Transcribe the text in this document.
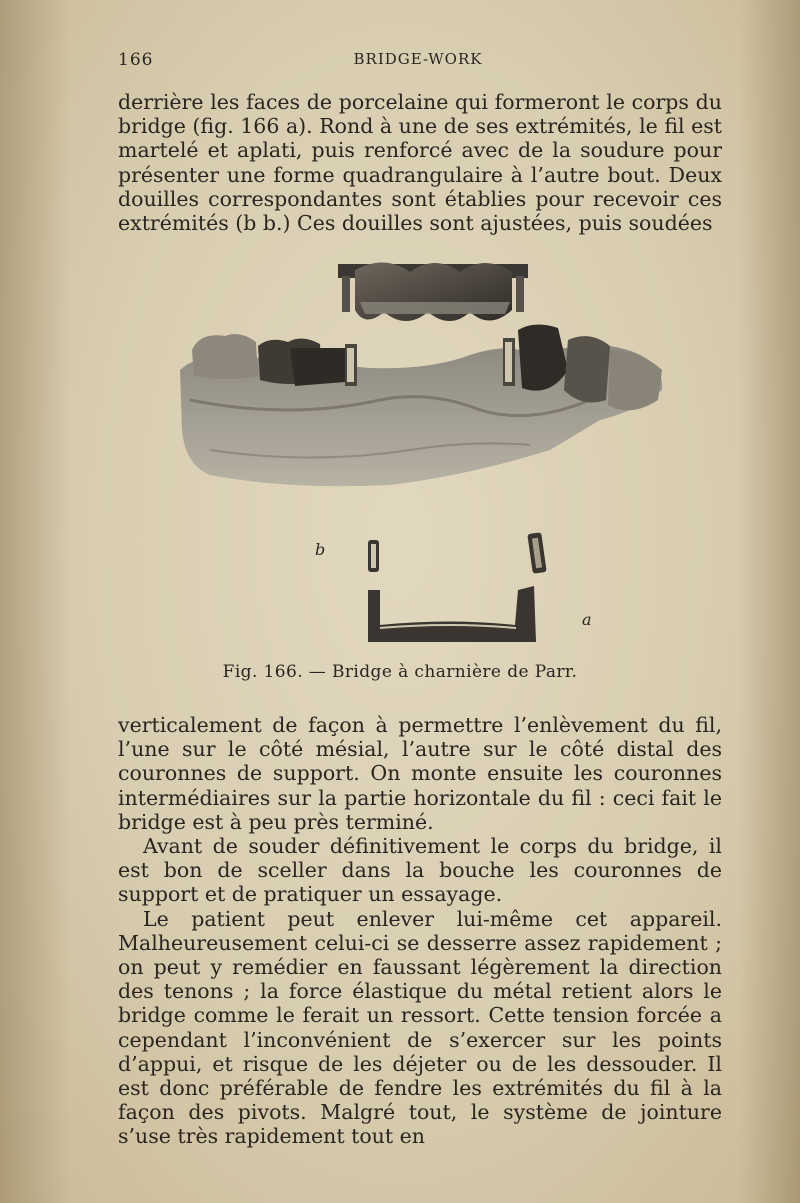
166	BRIDGE-WORK

derrière les faces de porcelaine qui formeront le corps du bridge (fig. 166 a). Rond à une de ses extrémités, le fil est martelé et aplati, puis renforcé avec de la soudure pour présenter une forme quadrangulaire à l’autre bout. Deux douilles correspondantes sont établies pour recevoir ces extrémités (b b.) Ces douilles sont ajustées, puis soudées

b
a
Fig. 166. — Bridge à charnière de Parr.

verticalement de façon à permettre l’enlèvement du fil, l’une sur le côté mésial, l’autre sur le côté distal des couronnes de support. On monte ensuite les couronnes intermédiaires sur la partie horizontale du fil : ceci fait le bridge est à peu près terminé.

Avant de souder définitivement le corps du bridge, il est bon de sceller dans la bouche les couronnes de support et de pratiquer un essayage.

Le patient peut enlever lui-même cet appareil. Malheureusement celui-ci se desserre assez rapidement ; on peut y remédier en faussant légèrement la direction des tenons ; la force élastique du métal retient alors le bridge comme le ferait un ressort. Cette tension forcée a cependant l’inconvénient de s’exercer sur les points d’appui, et risque de les déjeter ou de les dessouder. Il est donc préférable de fendre les extrémités du fil à la façon des pivots. Malgré tout, le système de jointure s’use très rapidement tout en
